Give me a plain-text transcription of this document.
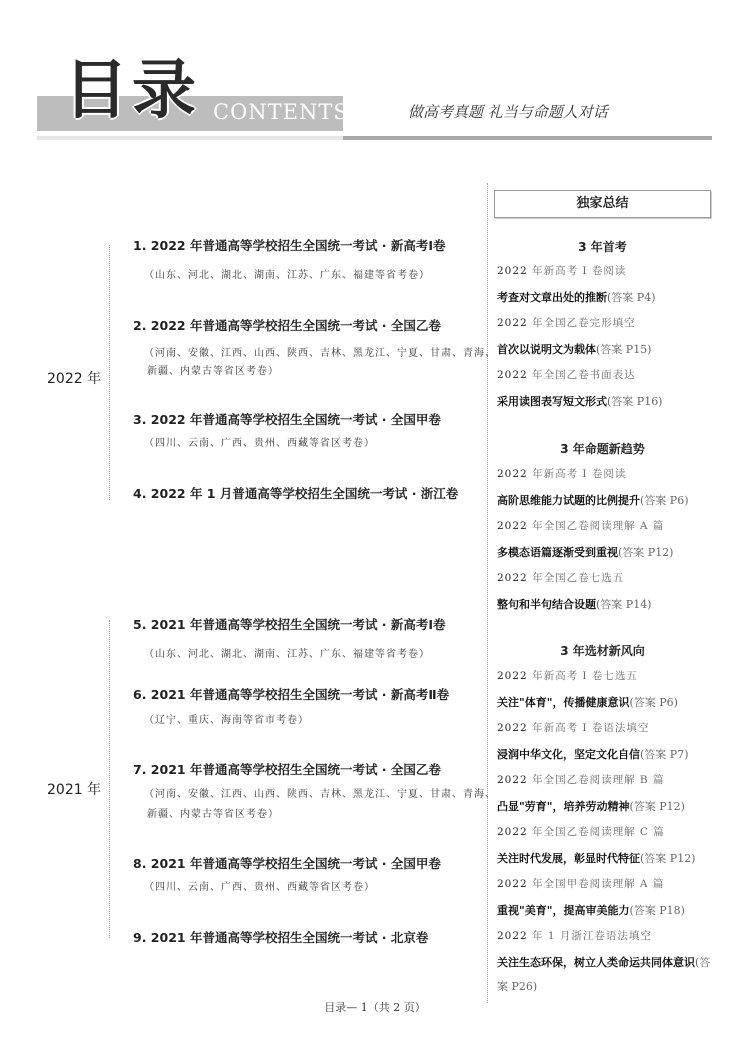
目录 CONTENTS	做高考真题 礼当与命题人对话
2022 年
2021 年
1. 2022 年普通高等学校招生全国统一考试 · 新高考Ⅰ卷
（山东、河北、湖北、湖南、江苏、广东、福建等省考卷）
2. 2022 年普通高等学校招生全国统一考试 · 全国乙卷
（河南、安徽、江西、山西、陕西、吉林、黑龙江、宁夏、甘肃、青海、
新疆、内蒙古等省区考卷）
3. 2022 年普通高等学校招生全国统一考试 · 全国甲卷
（四川、云南、广西、贵州、西藏等省区考卷）
4. 2022 年 1 月普通高等学校招生全国统一考试 · 浙江卷
5. 2021 年普通高等学校招生全国统一考试 · 新高考Ⅰ卷
（山东、河北、湖北、湖南、江苏、广东、福建等省考卷）
6. 2021 年普通高等学校招生全国统一考试 · 新高考Ⅱ卷
（辽宁、重庆、海南等省市考卷）
7. 2021 年普通高等学校招生全国统一考试 · 全国乙卷
（河南、安徽、江西、山西、陕西、吉林、黑龙江、宁夏、甘肃、青海、
新疆、内蒙古等省区考卷）
8. 2021 年普通高等学校招生全国统一考试 · 全国甲卷
（四川、云南、广西、贵州、西藏等省区考卷）
9. 2021 年普通高等学校招生全国统一考试 · 北京卷
独家总结
3 年首考
2022 年新高考 Ⅰ 卷阅读
考查对文章出处的推断(答案 P4)
2022 年全国乙卷完形填空
首次以说明文为载体(答案 P15)
2022 年全国乙卷书面表达
采用读图表写短文形式(答案 P16)
3 年命题新趋势
2022 年新高考 Ⅰ 卷阅读
高阶思维能力试题的比例提升(答案 P6)
2022 年全国乙卷阅读理解 A 篇
多模态语篇逐渐受到重视(答案 P12)
2022 年全国乙卷七选五
整句和半句结合设题(答案 P14)
3 年选材新风向
2022 年新高考 Ⅰ 卷七选五
关注"体育"，传播健康意识(答案 P6)
2022 年新高考 Ⅰ 卷语法填空
浸润中华文化，坚定文化自信(答案 P7)
2022 年全国乙卷阅读理解 B 篇
凸显"劳育"，培养劳动精神(答案 P12)
2022 年全国乙卷阅读理解 C 篇
关注时代发展，彰显时代特征(答案 P12)
2022 年全国甲卷阅读理解 A 篇
重视"美育"，提高审美能力(答案 P18)
2022 年 1 月浙江卷语法填空
关注生态环保，树立人类命运共同体意识(答
案 P26)
目录— 1（共 2 页）
